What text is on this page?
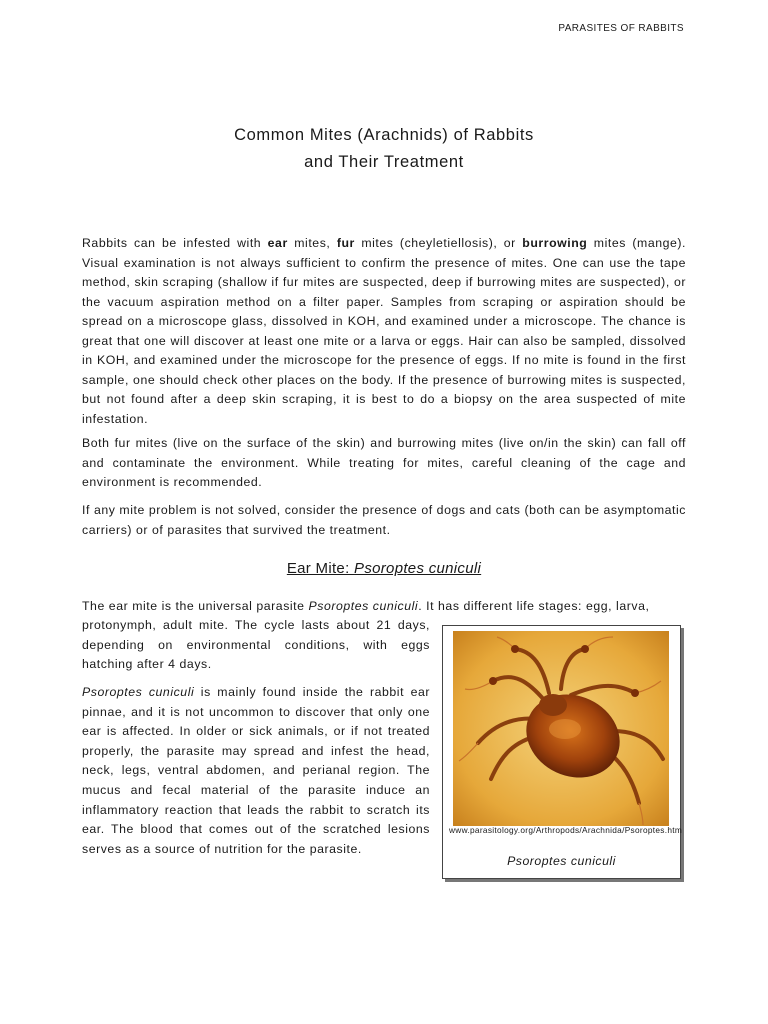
PARASITES OF RABBITS
Common Mites (Arachnids) of Rabbits
and Their Treatment

Rabbits can be infested with ear mites, fur mites (cheyletiellosis), or burrowing mites (mange). Visual examination is not always sufficient to confirm the presence of mites. One can use the tape method, skin scraping (shallow if fur mites are suspected, deep if burrowing mites are suspected), or the vacuum aspiration method on a filter paper. Samples from scraping or aspiration should be spread on a microscope glass, dissolved in KOH, and examined under a microscope. The chance is great that one will discover at least one mite or a larva or eggs. Hair can also be sampled, dissolved in KOH, and examined under the microscope for the presence of eggs. If no mite is found in the first sample, one should check other places on the body. If the presence of burrowing mites is suspected, but not found after a deep skin scraping, it is best to do a biopsy on the area suspected of mite infestation.

Both fur mites (live on the surface of the skin) and burrowing mites (live on/in the skin) can fall off and contaminate the environment. While treating for mites, careful cleaning of the cage and environment is recommended.

If any mite problem is not solved, consider the presence of dogs and cats (both can be asymptomatic carriers) or of parasites that survived the treatment.

Ear Mite: Psoroptes cuniculi

The ear mite is the universal parasite Psoroptes cuniculi. It has different life stages: egg, larva,

protonymph, adult mite. The cycle lasts about 21 days, depending on environmental conditions, with eggs hatching after 4 days.

Psoroptes cuniculi is mainly found inside the rabbit ear pinnae, and it is not uncommon to discover that only one ear is affected. In older or sick animals, or if not treated properly, the parasite may spread and infest the head, neck, legs, ventral abdomen, and perianal region. The mucus and fecal material of the parasite induce an inflammatory reaction that leads the rabbit to scratch its ear. The blood that comes out of the scratched lesions serves as a source of nutrition for the parasite.

www.parasitology.org/Arthropods/Arachnida/Psoroptes.htm
Psoroptes cuniculi
